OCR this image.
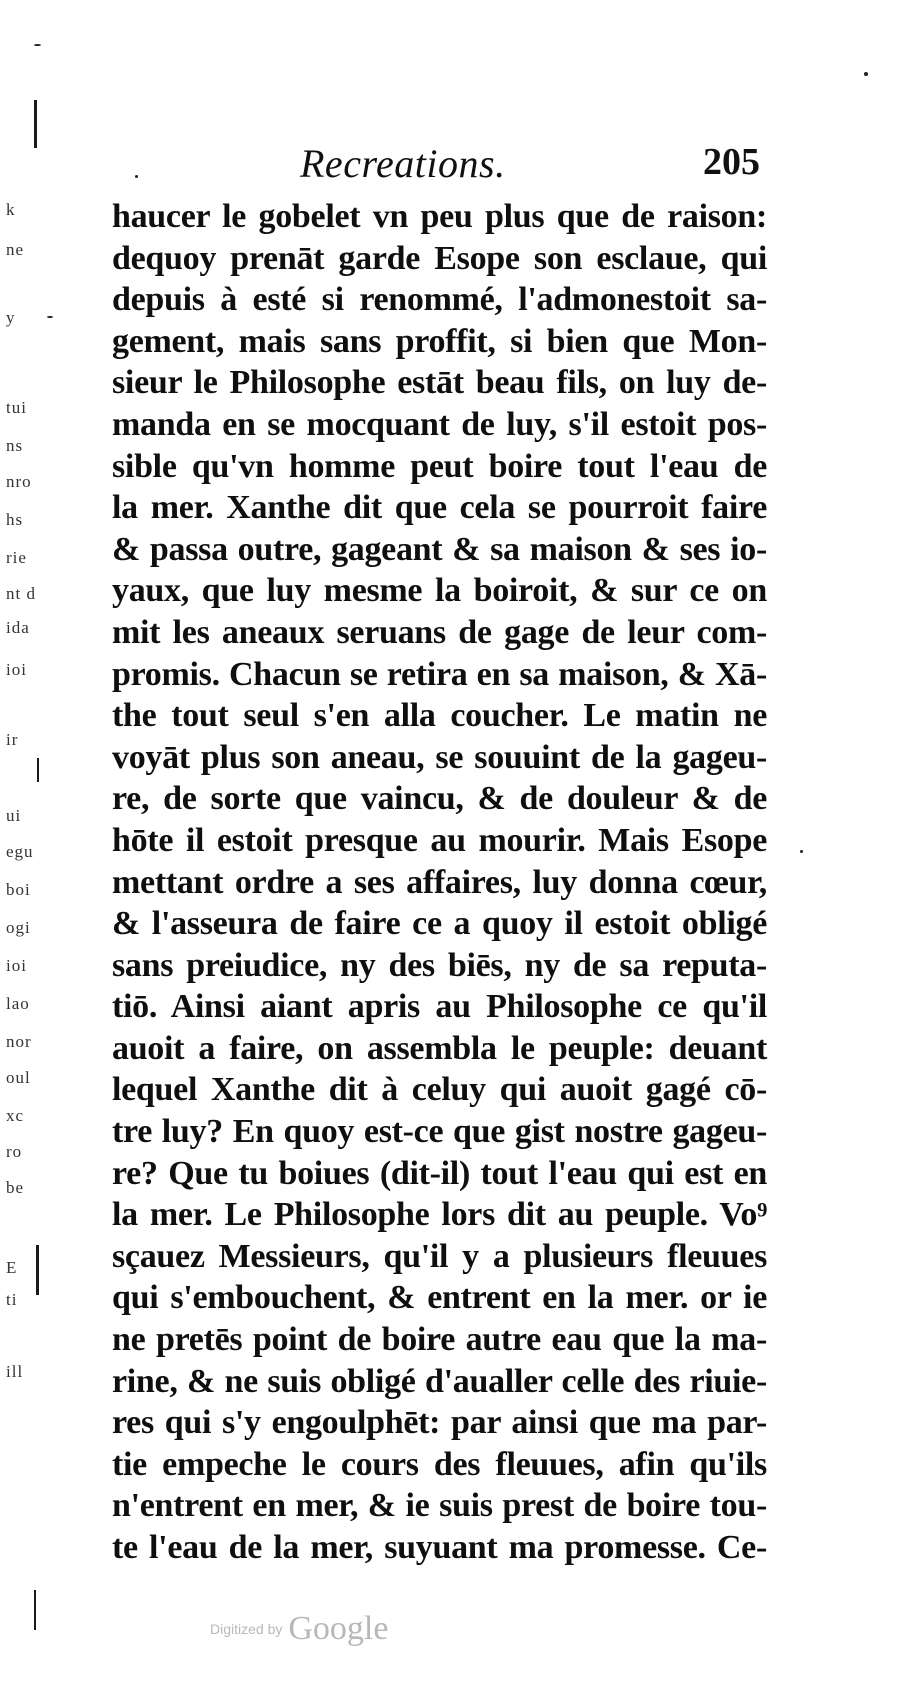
k
ne
y
tui
ns
nro
hs
rie
nt d
ida
ioi
ir
ui
egu
boi
ogi
ioi
lao
nor
oul
xc
ro
be
E
ti
ill
Recreations.	205
haucer le gobelet vn peu plus que de raison:
dequoy prenāt garde Esope son esclaue, qui
depuis à esté si renommé, l'admonestoit sa-
gement, mais sans proffit, si bien que Mon-
sieur le Philosophe estāt beau fils, on luy de-
manda en se mocquant de luy, s'il estoit pos-
sible qu'vn homme peut boire tout l'eau de
la mer. Xanthe dit que cela se pourroit faire
& passa outre, gageant & sa maison & ses io-
yaux, que luy mesme la boiroit, & sur ce on
mit les aneaux seruans de gage de leur com-
promis. Chacun se retira en sa maison, & Xā-
the tout seul s'en alla coucher. Le matin ne
voyāt plus son aneau, se souuint de la gageu-
re, de sorte que vaincu, & de douleur & de
hōte il estoit presque au mourir. Mais Esope
mettant ordre a ses affaires, luy donna cœur,
& l'asseura de faire ce a quoy il estoit obligé
sans preiudice, ny des biēs, ny de sa reputa-
tiō. Ainsi aiant apris au Philosophe ce qu'il
auoit a faire, on assembla le peuple: deuant
lequel Xanthe dit à celuy qui auoit gagé cō-
tre luy? En quoy est-ce que gist nostre gageu-
re? Que tu boiues (dit-il) tout l'eau qui est en
la mer. Le Philosophe lors dit au peuple. Vo⁹
sçauez Messieurs, qu'il y a plusieurs fleuues
qui s'embouchent, & entrent en la mer. or ie
ne pretēs point de boire autre eau que la ma-
rine, & ne suis obligé d'aualler celle des riuie-
res qui s'y engoulphēt: par ainsi que ma par-
tie empeche le cours des fleuues, afin qu'ils
n'entrent en mer, & ie suis prest de boire tou-
te l'eau de la mer, suyuant ma promesse. Ce-
Digitized by Google
